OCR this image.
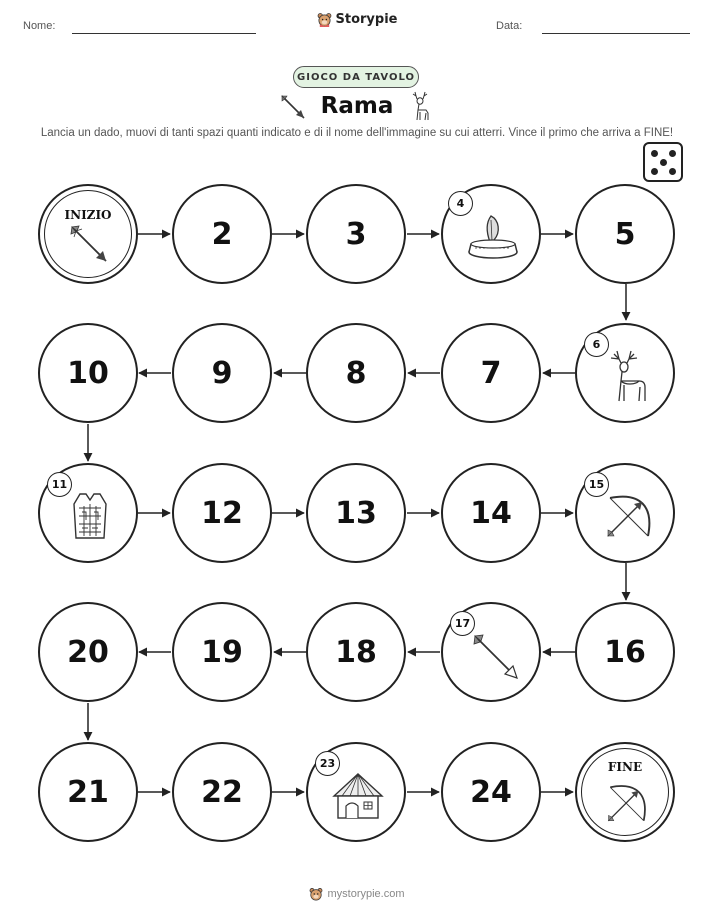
Nome:	Data:
Storypie
GIOCO DA TAVOLO
Rama
Lancia un dado, muovi di tanti spazi quanti indicato e di il nome dell'immagine su cui atterri. Vince il primo che arriva a FINE!
INIZIO
2	3
4
5
10	9	8	7
6
11
12	13	14
15
20	19	18
17
16
21	22
23
24
FINE
mystorypie.com
